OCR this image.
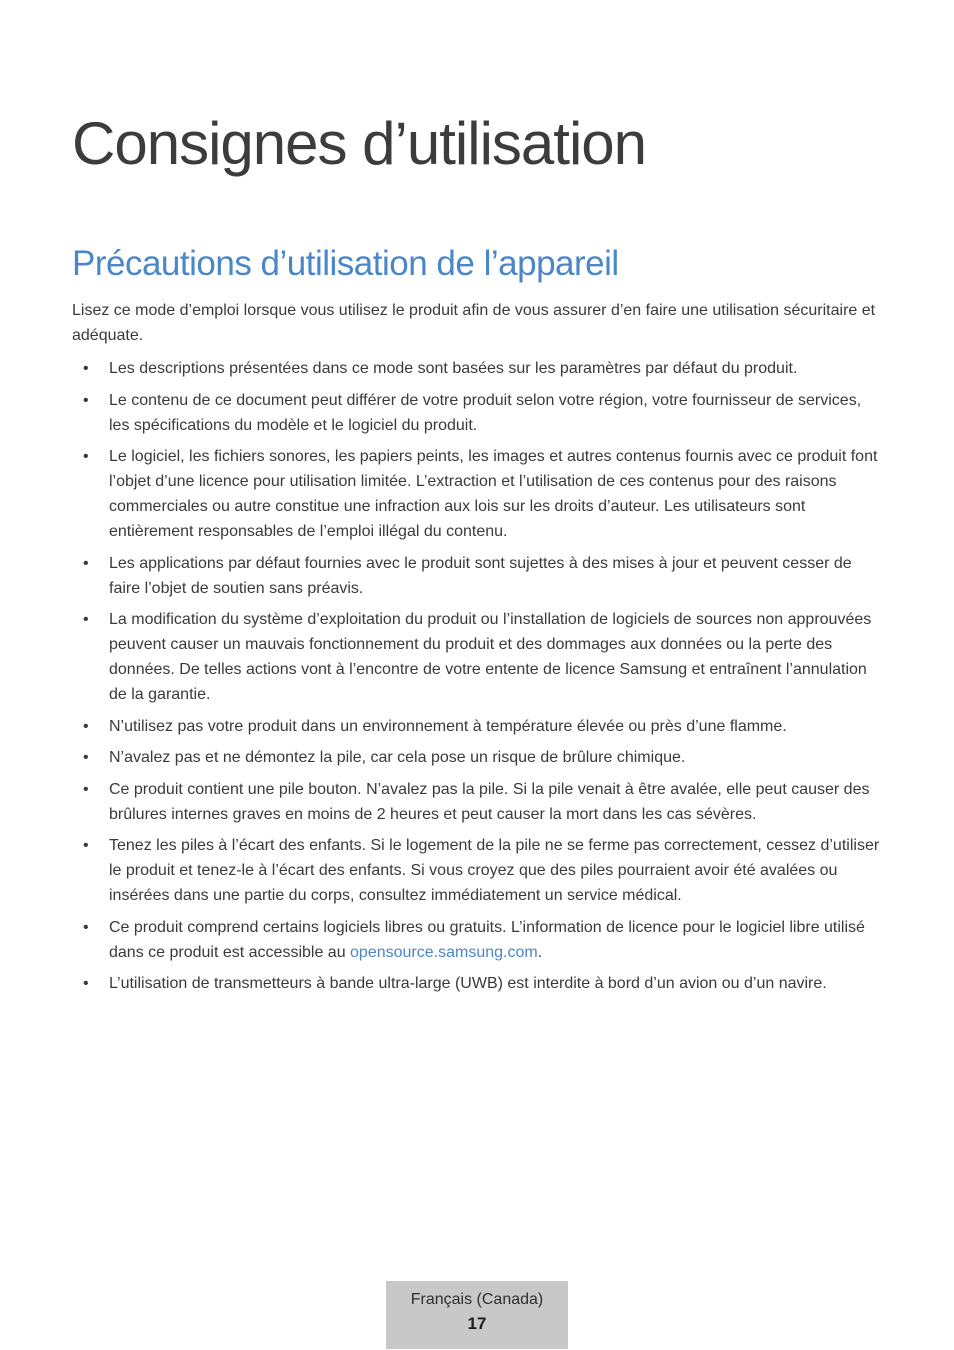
Consignes d’utilisation
Précautions d’utilisation de l’appareil

Lisez ce mode d’emploi lorsque vous utilisez le produit afin de vous assurer d’en faire une utilisation sécuritaire et adéquate.

• Les descriptions présentées dans ce mode sont basées sur les paramètres par défaut du produit.
• Le contenu de ce document peut différer de votre produit selon votre région, votre fournisseur de services, les spécifications du modèle et le logiciel du produit.
• Le logiciel, les fichiers sonores, les papiers peints, les images et autres contenus fournis avec ce produit font l’objet d’une licence pour utilisation limitée. L’extraction et l’utilisation de ces contenus pour des raisons commerciales ou autre constitue une infraction aux lois sur les droits d’auteur. Les utilisateurs sont entièrement responsables de l’emploi illégal du contenu.
• Les applications par défaut fournies avec le produit sont sujettes à des mises à jour et peuvent cesser de faire l’objet de soutien sans préavis.
• La modification du système d’exploitation du produit ou l’installation de logiciels de sources non approuvées peuvent causer un mauvais fonctionnement du produit et des dommages aux données ou la perte des données. De telles actions vont à l’encontre de votre entente de licence Samsung et entraînent l’annulation de la garantie.
• N’utilisez pas votre produit dans un environnement à température élevée ou près d’une flamme.
• N’avalez pas et ne démontez la pile, car cela pose un risque de brûlure chimique.
• Ce produit contient une pile bouton. N’avalez pas la pile. Si la pile venait à être avalée, elle peut causer des brûlures internes graves en moins de 2 heures et peut causer la mort dans les cas sévères.
• Tenez les piles à l’écart des enfants. Si le logement de la pile ne se ferme pas correctement, cessez d’utiliser le produit et tenez-le à l’écart des enfants. Si vous croyez que des piles pourraient avoir été avalées ou insérées dans une partie du corps, consultez immédiatement un service médical.
• Ce produit comprend certains logiciels libres ou gratuits. L’information de licence pour le logiciel libre utilisé dans ce produit est accessible au opensource.samsung.com.
• L’utilisation de transmetteurs à bande ultra-large (UWB) est interdite à bord d’un avion ou d’un navire.
Français (Canada)
17
